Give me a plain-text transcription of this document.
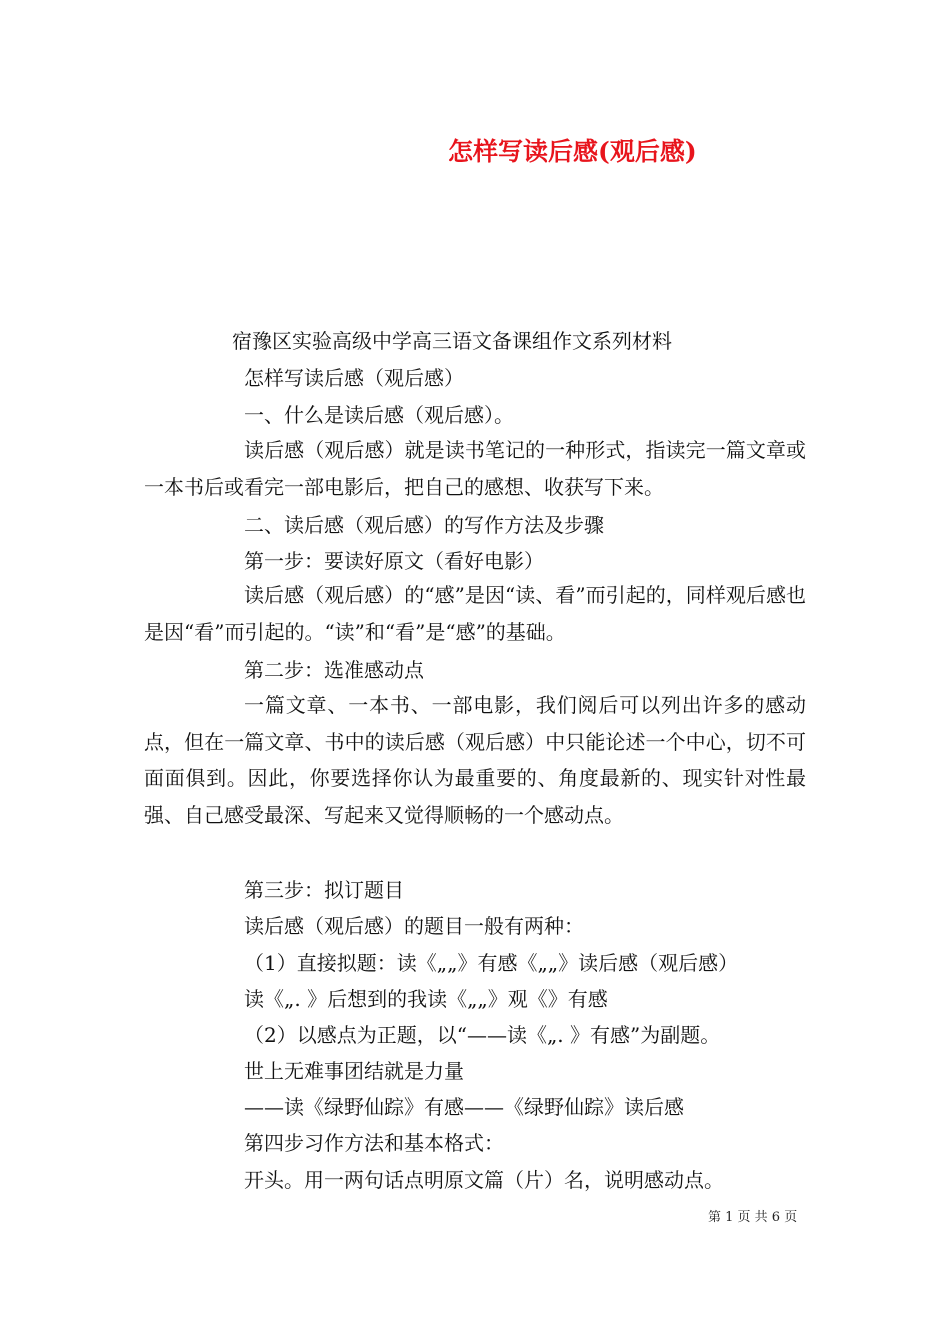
怎样写读后感(观后感)
宿豫区实验高级中学高三语文备课组作文系列材料
怎样写读后感（观后感）
一、什么是读后感（观后感）。
读后感（观后感）就是读书笔记的一种形式，指读完一篇文章或一本书后或看完一部电影后，把自己的感想、收获写下来。
二、读后感（观后感）的写作方法及步骤
第一步：要读好原文（看好电影）
读后感（观后感）的“感”是因“读、看”而引起的，同样观后感也是因“看”而引起的。“读”和“看”是“感”的基础。
第二步：选准感动点
一篇文章、一本书、一部电影，我们阅后可以列出许多的感动点，但在一篇文章、书中的读后感（观后感）中只能论述一个中心，切不可面面俱到。因此，你要选择你认为最重要的、角度最新的、现实针对性最强、自己感受最深、写起来又觉得顺畅的一个感动点。
第三步：拟订题目
读后感（观后感）的题目一般有两种：
（1）直接拟题：读《„„》有感《„„》读后感（观后感）
读《„. 》后想到的我读《„„》观《》有感
（2）以感点为正题，以“——读《„. 》有感”为副题。
世上无难事团结就是力量
——读《绿野仙踪》有感——《绿野仙踪》读后感
第四步习作方法和基本格式：
开头。用一两句话点明原文篇（片）名，说明感动点。
第 1 页 共 6 页
